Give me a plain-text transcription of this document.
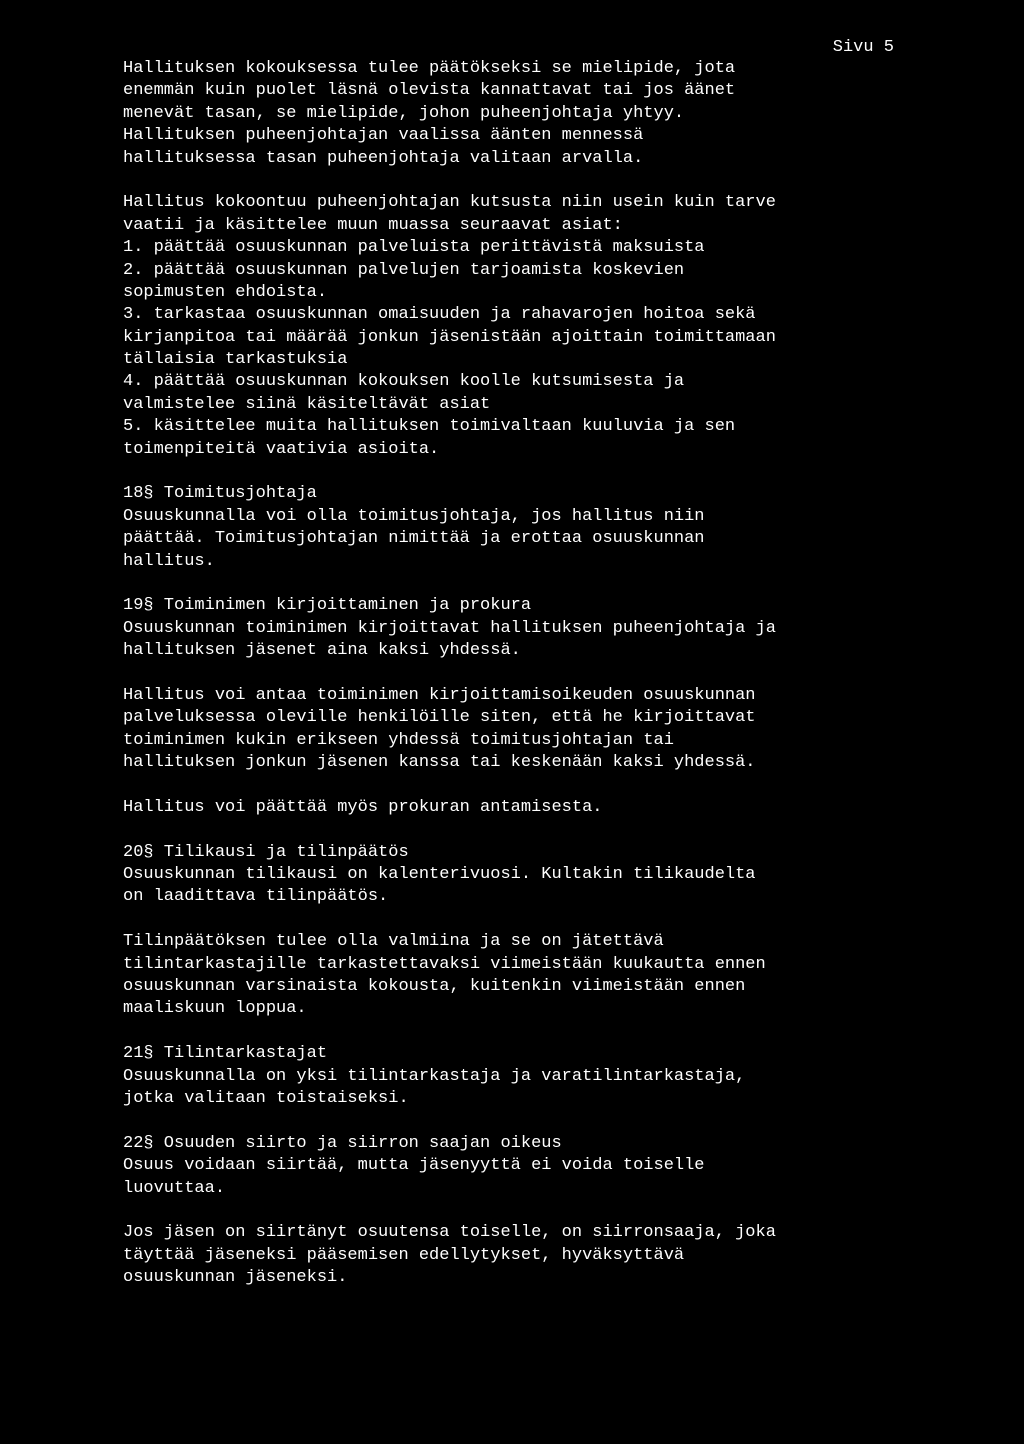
Sivu 5
Hallituksen kokouksessa tulee päätökseksi se mielipide, jota
enemmän kuin puolet läsnä olevista kannattavat tai jos äänet
menevät tasan, se mielipide, johon puheenjohtaja yhtyy.
Hallituksen puheenjohtajan vaalissa äänten mennessä
hallituksessa tasan puheenjohtaja valitaan arvalla.
Hallitus kokoontuu puheenjohtajan kutsusta niin usein kuin tarve
vaatii ja käsittelee muun muassa seuraavat asiat:
1. päättää osuuskunnan palveluista perittävistä maksuista
2. päättää osuuskunnan palvelujen tarjoamista koskevien
sopimusten ehdoista.
3. tarkastaa osuuskunnan omaisuuden ja rahavarojen hoitoa sekä
kirjanpitoa tai määrää jonkun jäsenistään ajoittain toimittamaan
tällaisia tarkastuksia
4. päättää osuuskunnan kokouksen koolle kutsumisesta ja
valmistelee siinä käsiteltävät asiat
5. käsittelee muita hallituksen toimivaltaan kuuluvia ja sen
toimenpiteitä vaativia asioita.
18§ Toimitusjohtaja
Osuuskunnalla voi olla toimitusjohtaja, jos hallitus niin
päättää. Toimitusjohtajan nimittää ja erottaa osuuskunnan
hallitus.
19§ Toiminimen kirjoittaminen ja prokura
Osuuskunnan toiminimen kirjoittavat hallituksen puheenjohtaja ja
hallituksen jäsenet aina kaksi yhdessä.
Hallitus voi antaa toiminimen kirjoittamisoikeuden osuuskunnan
palveluksessa oleville henkilöille siten, että he kirjoittavat
toiminimen kukin erikseen yhdessä toimitusjohtajan tai
hallituksen jonkun jäsenen kanssa tai keskenään kaksi yhdessä.
Hallitus voi päättää myös prokuran antamisesta.
20§ Tilikausi ja tilinpäätös
Osuuskunnan tilikausi on kalenterivuosi. Kultakin tilikaudelta
on laadittava tilinpäätös.
Tilinpäätöksen tulee olla valmiina ja se on jätettävä
tilintarkastajille tarkastettavaksi viimeistään kuukautta ennen
osuuskunnan varsinaista kokousta, kuitenkin viimeistään ennen
maaliskuun loppua.
21§ Tilintarkastajat
Osuuskunnalla on yksi tilintarkastaja ja varatilintarkastaja,
jotka valitaan toistaiseksi.
22§ Osuuden siirto ja siirron saajan oikeus
Osuus voidaan siirtää, mutta jäsenyyttä ei voida toiselle
luovuttaa.
Jos jäsen on siirtänyt osuutensa toiselle, on siirronsaaja, joka
täyttää jäseneksi pääsemisen edellytykset, hyväksyttävä
osuuskunnan jäseneksi.
